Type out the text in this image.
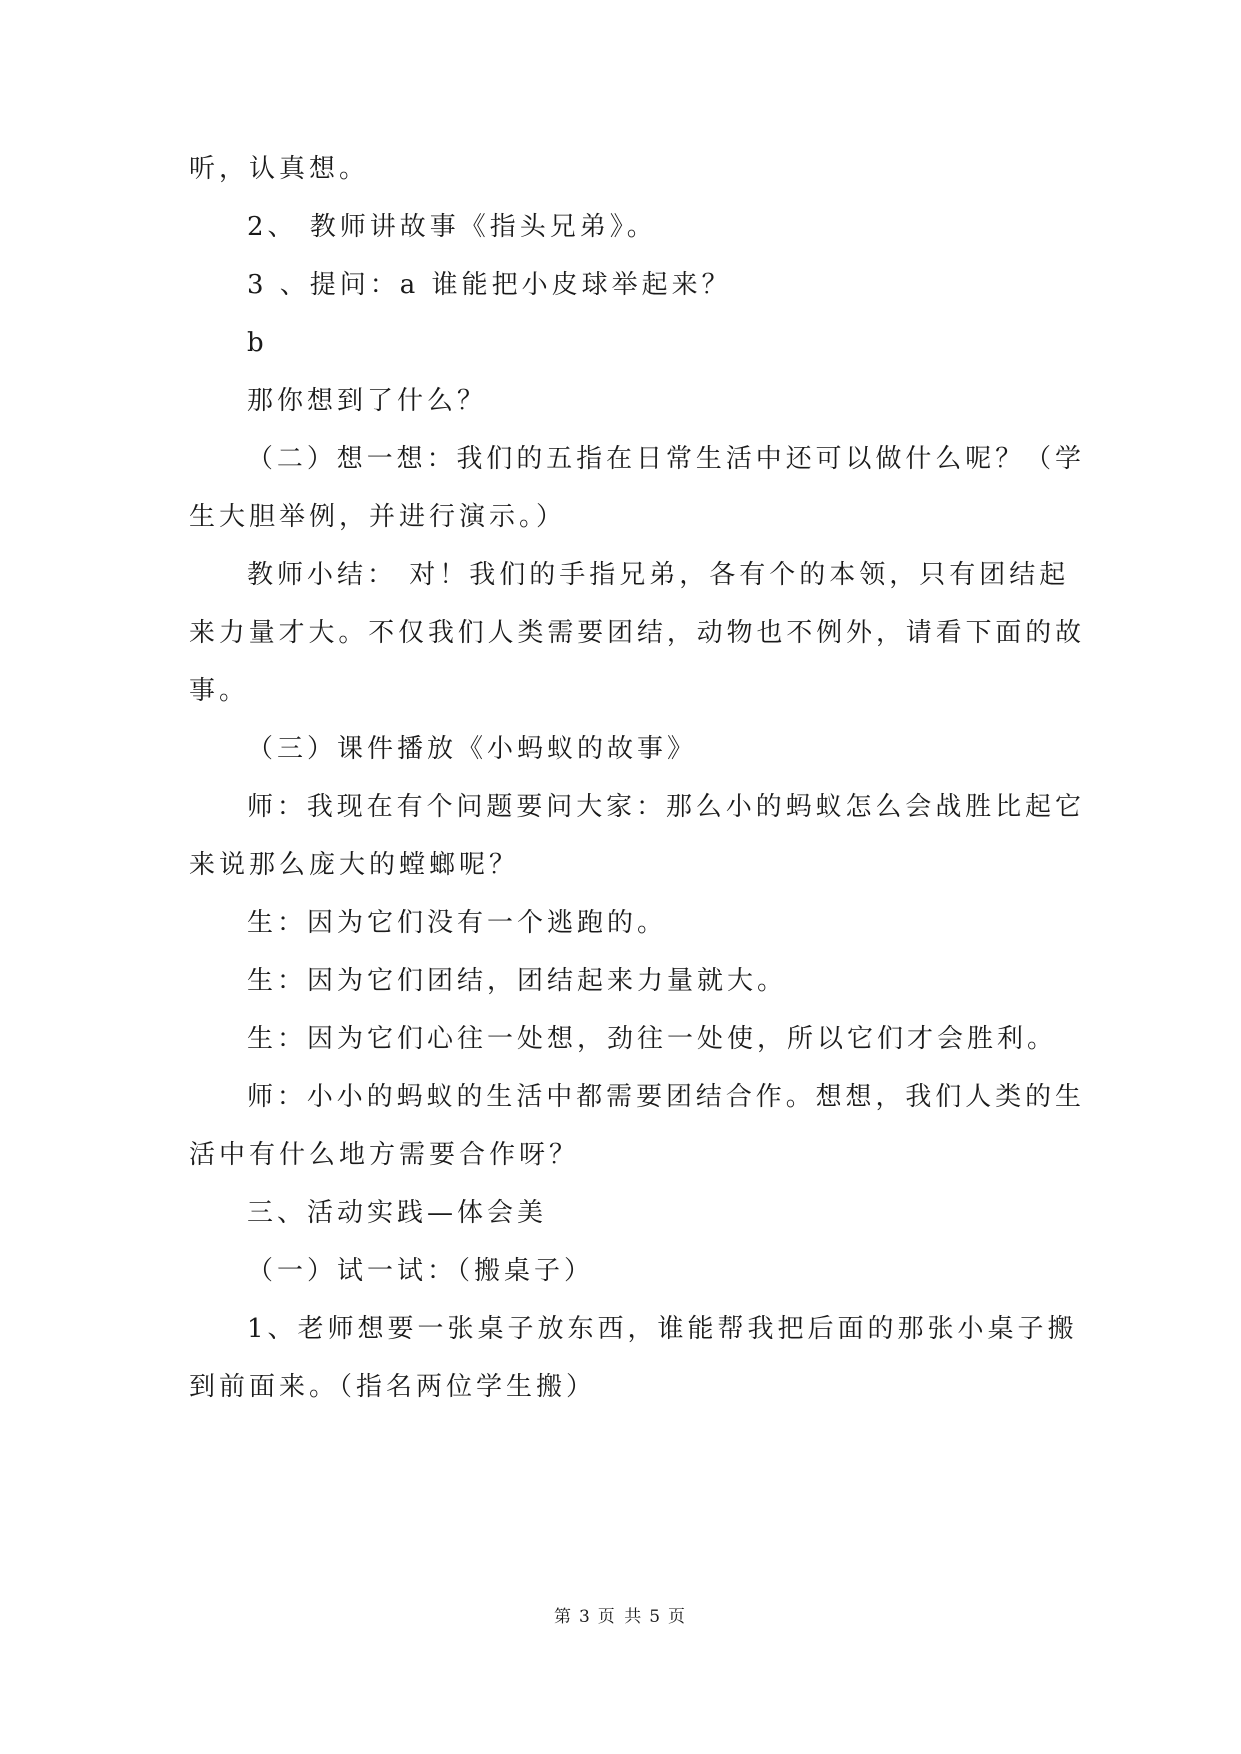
听，认真想。
2、 教师讲故事《指头兄弟》。
3 、提问：a 谁能把小皮球举起来？
b
那你想到了什么？
（二）想一想：我们的五指在日常生活中还可以做什么呢？（学
生大胆举例，并进行演示。）
教师小结： 对！我们的手指兄弟，各有个的本领，只有团结起
来力量才大。不仅我们人类需要团结，动物也不例外，请看下面的故
事。
（三）课件播放《小蚂蚁的故事》
师：我现在有个问题要问大家：那么小的蚂蚁怎么会战胜比起它
来说那么庞大的螳螂呢？
生：因为它们没有一个逃跑的。
生：因为它们团结，团结起来力量就大。
生：因为它们心往一处想，劲往一处使，所以它们才会胜利。
师：小小的蚂蚁的生活中都需要团结合作。想想，我们人类的生
活中有什么地方需要合作呀？
三、活动实践—体会美
（一）试一试：（搬桌子）
1、老师想要一张桌子放东西，谁能帮我把后面的那张小桌子搬
到前面来。（指名两位学生搬）
第 3 页 共 5 页
